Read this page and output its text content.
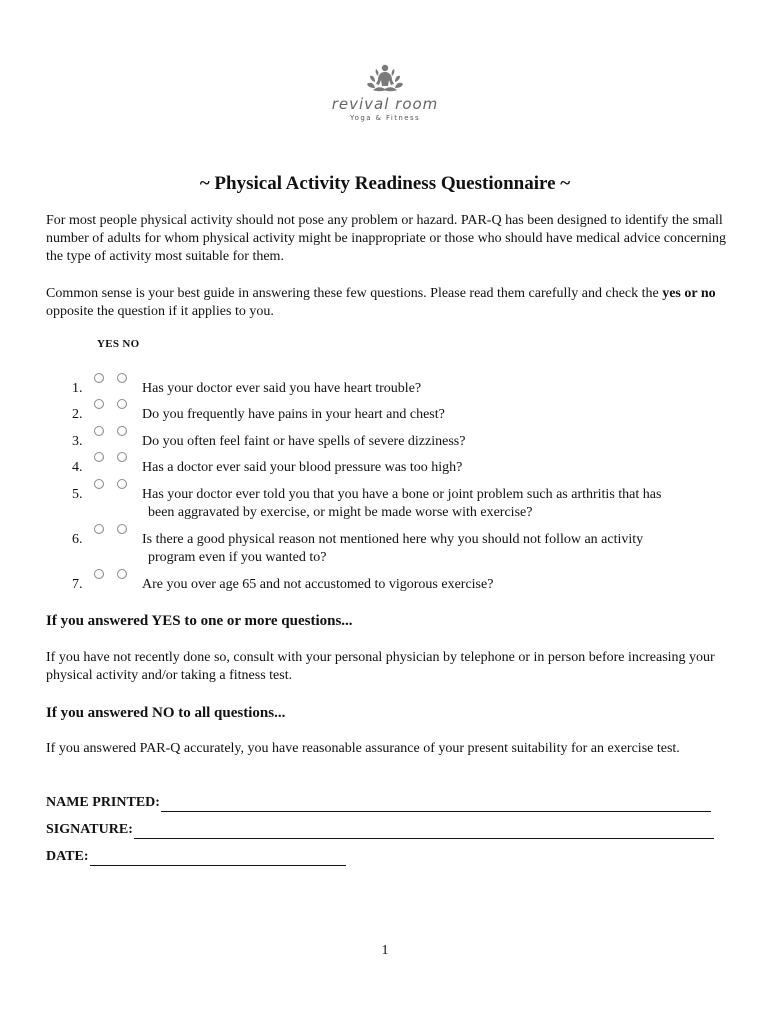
revival room
Yoga & Fitness
~ Physical Activity Readiness Questionnaire ~
For most people physical activity should not pose any problem or hazard. PAR-Q has been designed to identify the small number of adults for whom physical activity might be inappropriate or those who should have medical advice concerning the type of activity most suitable for them.
Common sense is your best guide in answering these few questions. Please read them carefully and check the yes or no opposite the question if it applies to you.
YES NO
1.	Has your doctor ever said you have heart trouble?
2.	Do you frequently have pains in your heart and chest?
3.	Do you often feel faint or have spells of severe dizziness?
4.	Has a doctor ever said your blood pressure was too high?
5.	Has your doctor ever told you that you have a bone or joint problem such as arthritis that has
been aggravated by exercise, or might be made worse with exercise?
6.	Is there a good physical reason not mentioned here why you should not follow an activity
program even if you wanted to?
7.	Are you over age 65 and not accustomed to vigorous exercise?
If you answered YES to one or more questions...
If you have not recently done so, consult with your personal physician by telephone or in person before increasing your physical activity and/or taking a fitness test.
If you answered NO to all questions...
If you answered PAR-Q accurately, you have reasonable assurance of your present suitability for an exercise test.
NAME PRINTED:
SIGNATURE:
DATE:
1
